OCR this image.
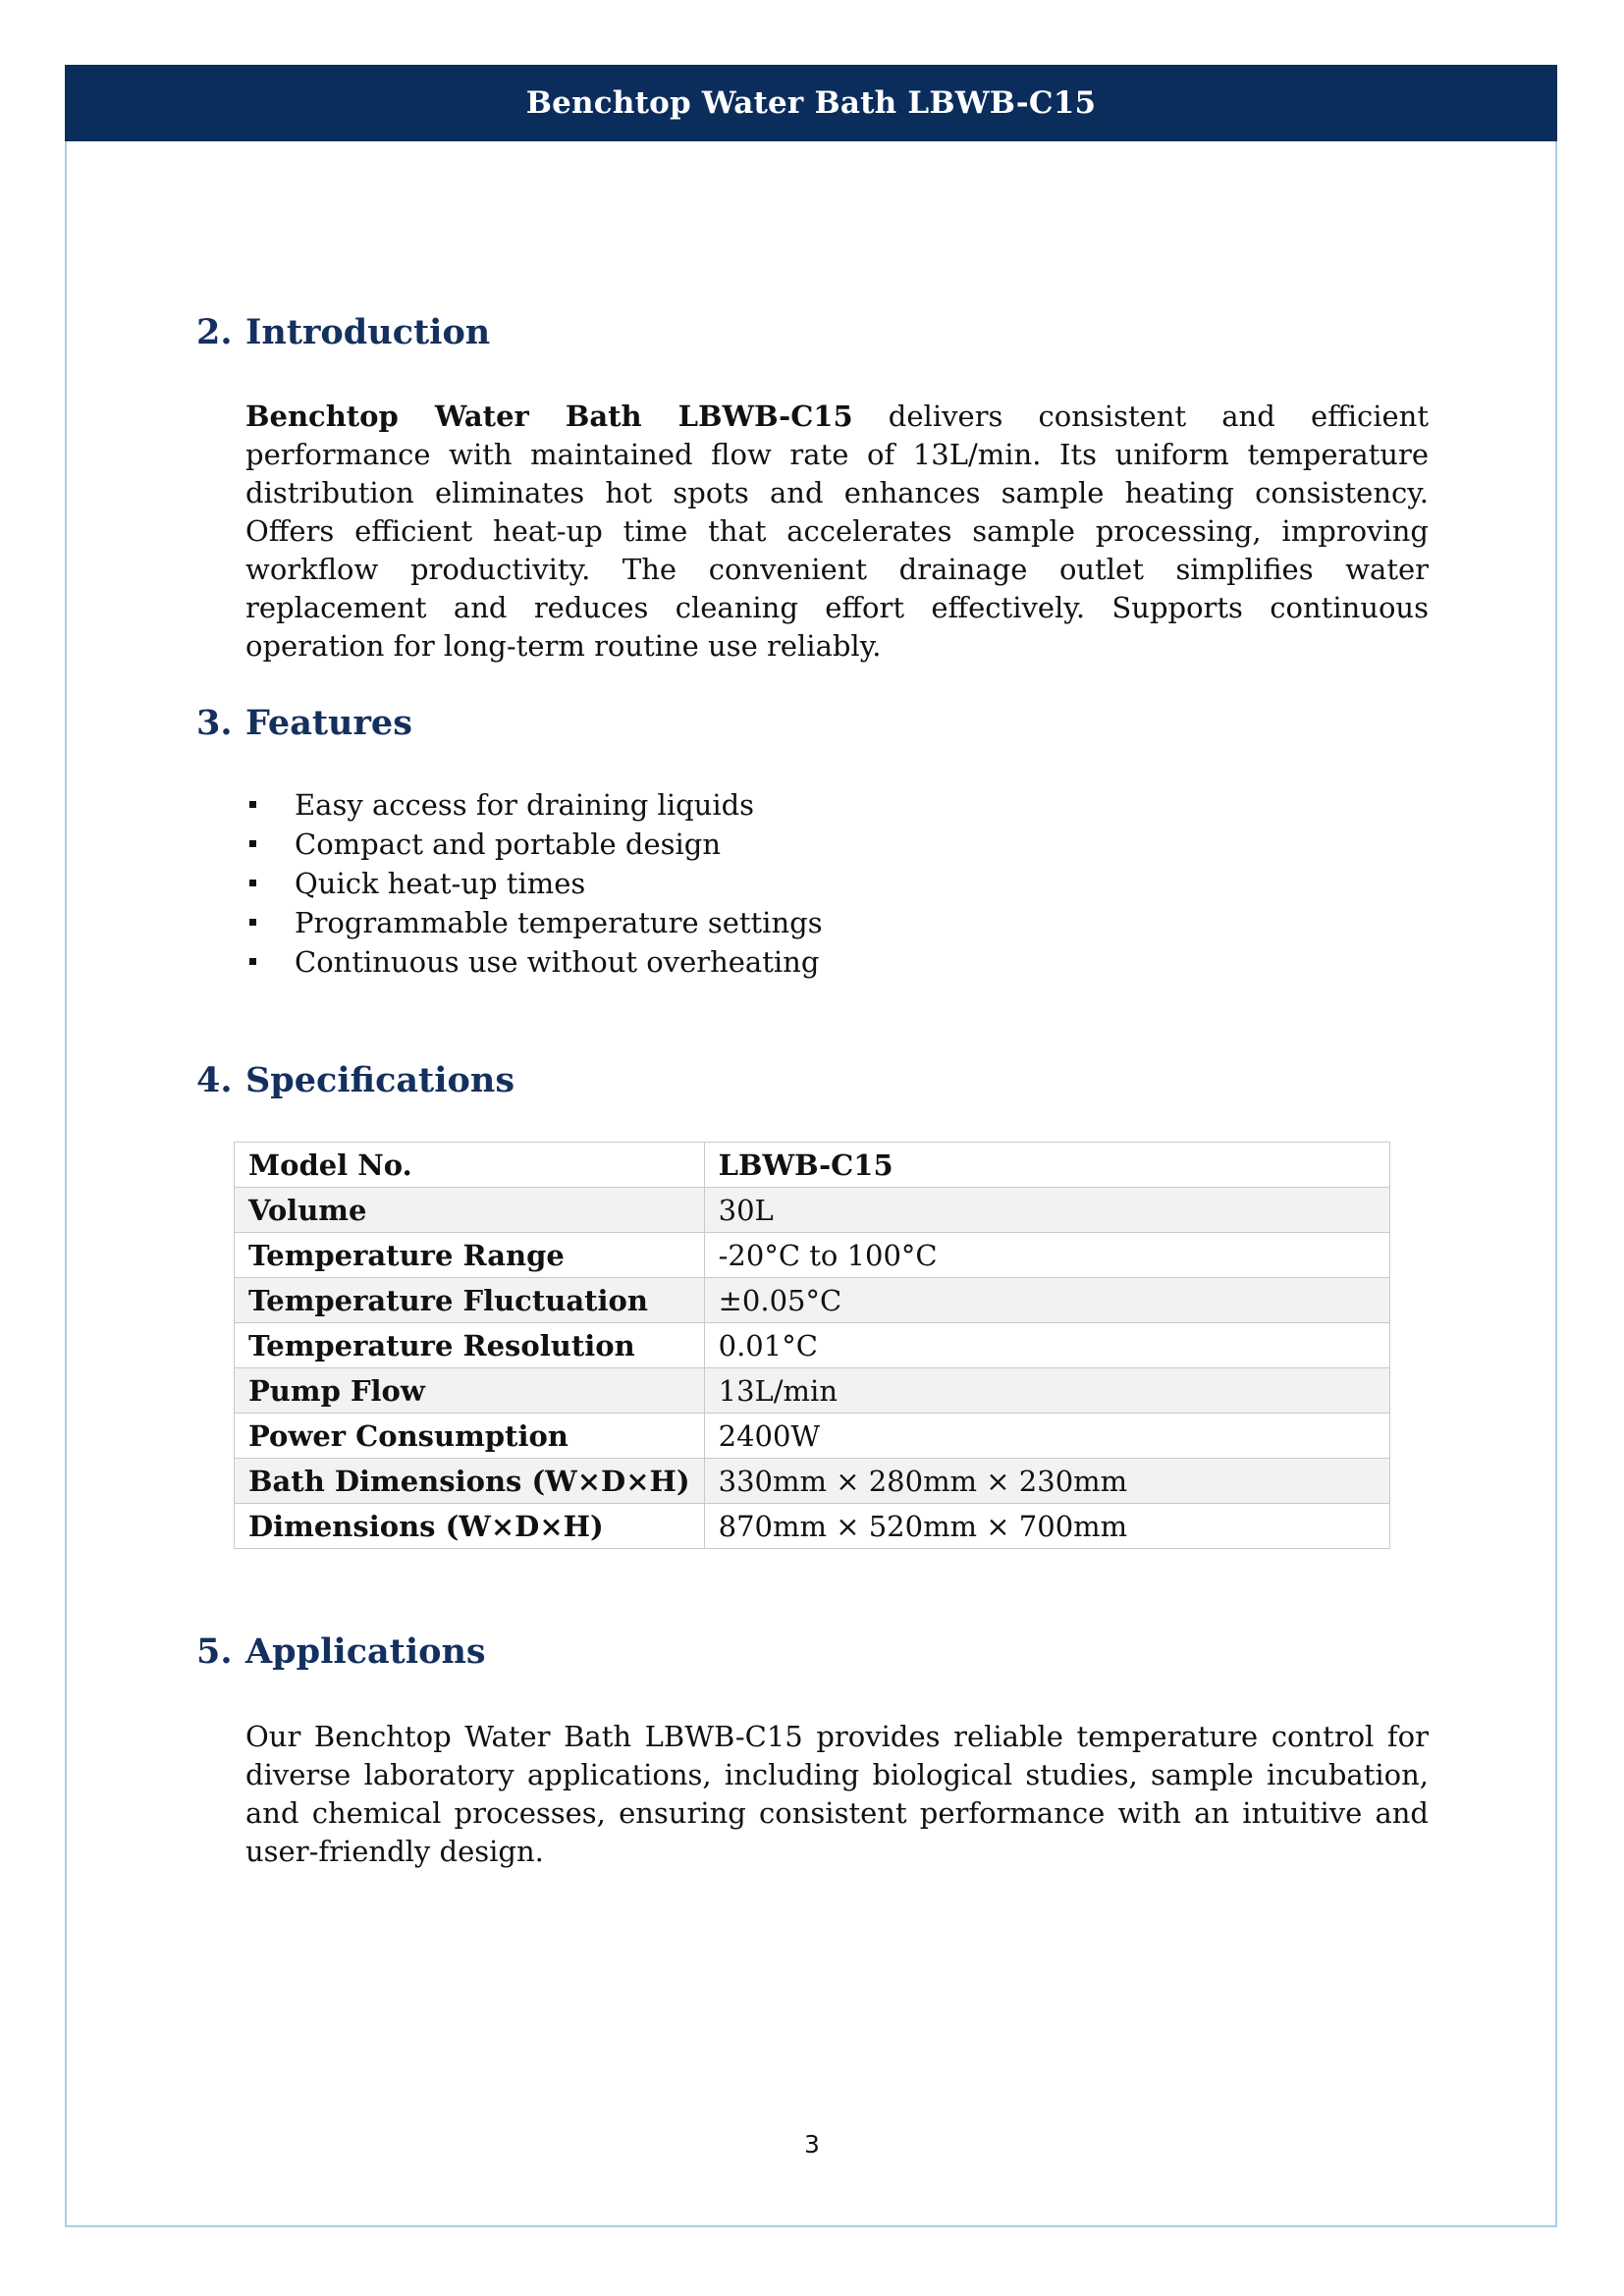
Benchtop Water Bath LBWB-C15
2. Introduction
Benchtop Water Bath LBWB-C15 delivers consistent and efficient performance with maintained flow rate of 13L/min. Its uniform temperature distribution eliminates hot spots and enhances sample heating consistency. Offers efficient heat-up time that accelerates sample processing, improving workflow productivity. The convenient drainage outlet simplifies water replacement and reduces cleaning effort effectively. Supports continuous operation for long-term routine use reliably.
3. Features
Easy access for draining liquids
Compact and portable design
Quick heat-up times
Programmable temperature settings
Continuous use without overheating
4. Specifications
Model No.	LBWB-C15
Volume	30L
Temperature Range	-20°C to 100°C
Temperature Fluctuation	±0.05°C
Temperature Resolution	0.01°C
Pump Flow	13L/min
Power Consumption	2400W
Bath Dimensions (W×D×H)	330mm × 280mm × 230mm
Dimensions (W×D×H)	870mm × 520mm × 700mm
5. Applications
Our Benchtop Water Bath LBWB-C15 provides reliable temperature control for diverse laboratory applications, including biological studies, sample incubation, and chemical processes, ensuring consistent performance with an intuitive and user-friendly design.
3
